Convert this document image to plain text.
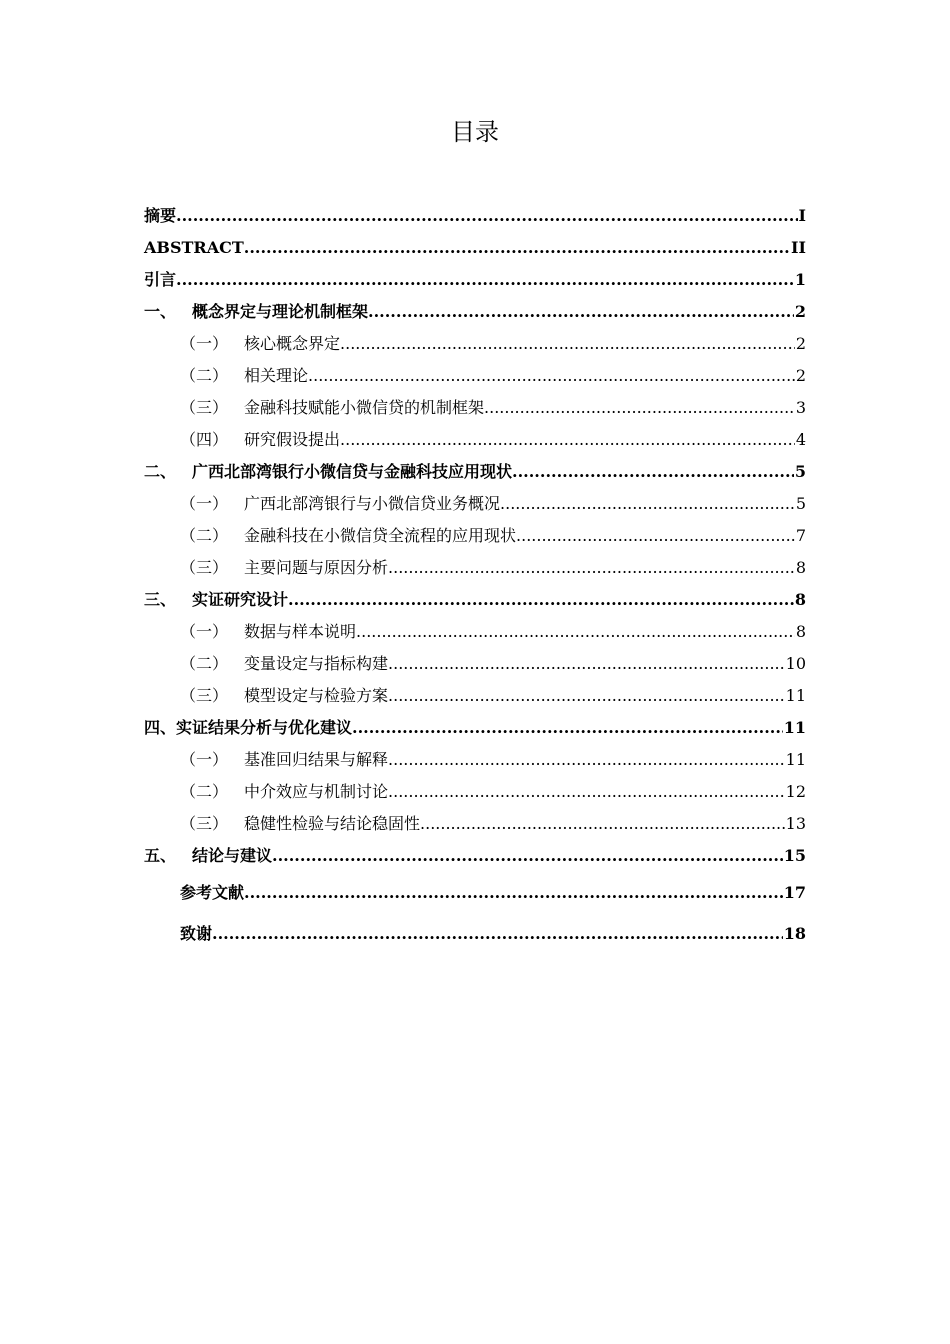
目录
摘要 .....	I
ABSTRACT .....	II
引言 .....	1
一、 概念界定与理论机制框架 .....	2
（一） 核心概念界定 .....	2
（二） 相关理论 .....	2
（三） 金融科技赋能小微信贷的机制框架 .....	3
（四） 研究假设提出 .....	4
二、 广西北部湾银行小微信贷与金融科技应用现状 .....	5
（一） 广西北部湾银行与小微信贷业务概况 .....	5
（二） 金融科技在小微信贷全流程的应用现状 .....	7
（三） 主要问题与原因分析 .....	8
三、 实证研究设计 .....	8
（一） 数据与样本说明 .....	8
（二） 变量设定与指标构建 .....	10
（三） 模型设定与检验方案 .....	11
四、实证结果分析与优化建议 .....	11
（一） 基准回归结果与解释 .....	11
（二） 中介效应与机制讨论 .....	12
（三） 稳健性检验与结论稳固性 .....	13
五、 结论与建议 .....	15
参考文献 .....	17
致谢 .....	18
